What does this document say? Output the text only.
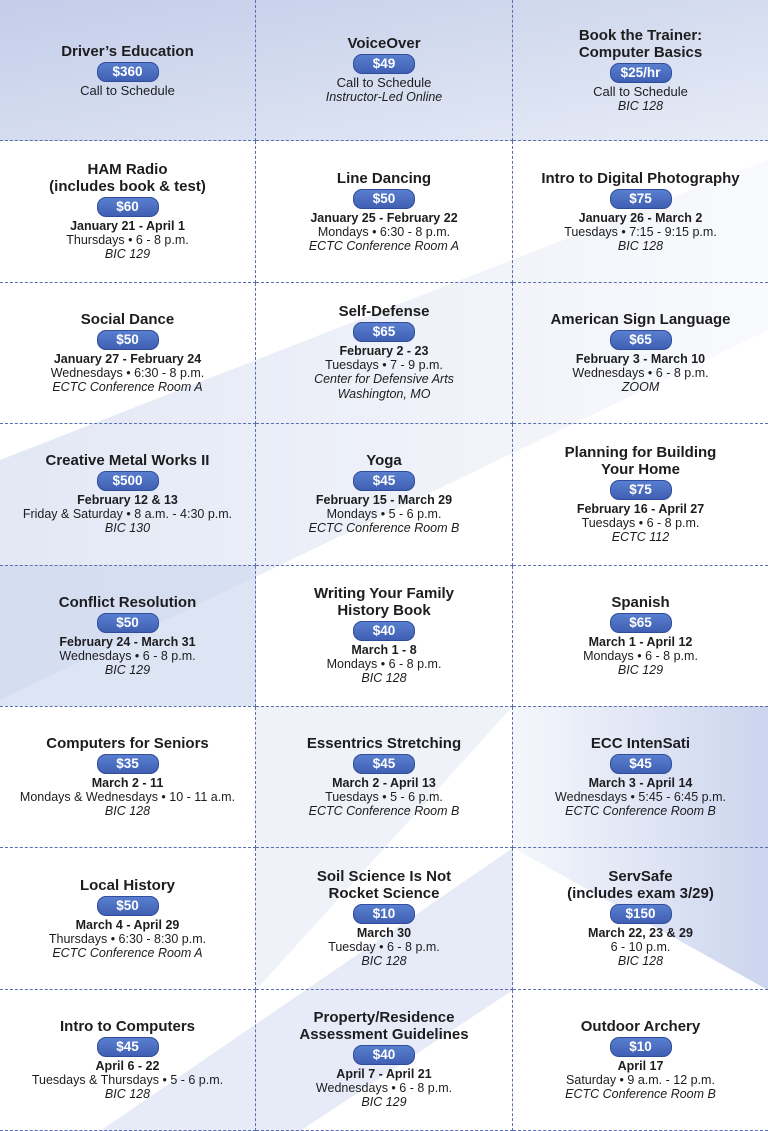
Driver’s Education
$360
Call to Schedule
VoiceOver
$49
Call to Schedule
Instructor-Led Online
Book the Trainer:
Computer Basics
$25/hr
Call to Schedule
BIC 128
HAM Radio
(includes book & test)
$60
January 21 - April 1
Thursdays • 6 - 8 p.m.
BIC 129
Line Dancing
$50
January 25 - February 22
Mondays • 6:30 - 8 p.m.
ECTC Conference Room A
Intro to Digital Photography
$75
January 26 - March 2
Tuesdays • 7:15 - 9:15 p.m.
BIC 128
Social Dance
$50
January 27 - February 24
Wednesdays • 6:30 - 8 p.m.
ECTC Conference Room A
Self-Defense
$65
February 2 - 23
Tuesdays • 7 - 9 p.m.
Center for Defensive Arts
Washington, MO
American Sign Language
$65
February 3 - March 10
Wednesdays • 6 - 8 p.m.
ZOOM
Creative Metal Works II
$500
February 12 & 13
Friday & Saturday • 8 a.m. - 4:30 p.m.
BIC 130
Yoga
$45
February 15 - March 29
Mondays • 5 - 6 p.m.
ECTC Conference Room B
Planning for Building
Your Home
$75
February 16 - April 27
Tuesdays • 6 - 8 p.m.
ECTC 112
Conflict Resolution
$50
February 24 - March 31
Wednesdays • 6 - 8 p.m.
BIC 129
Writing Your Family
History Book
$40
March 1 - 8
Mondays • 6 - 8 p.m.
BIC 128
Spanish
$65
March 1 - April 12
Mondays • 6 - 8 p.m.
BIC 129
Computers for Seniors
$35
March 2 - 11
Mondays & Wednesdays • 10 - 11 a.m.
BIC 128
Essentrics Stretching
$45
March 2 - April 13
Tuesdays • 5 - 6 p.m.
ECTC Conference Room B
ECC IntenSati
$45
March 3 - April 14
Wednesdays • 5:45 - 6:45 p.m.
ECTC Conference Room B
Local History
$50
March 4 - April 29
Thursdays • 6:30 - 8:30 p.m.
ECTC Conference Room A
Soil Science Is Not
Rocket Science
$10
March 30
Tuesday • 6 - 8 p.m.
BIC 128
ServSafe
(includes exam 3/29)
$150
March 22, 23 & 29
6 - 10 p.m.
BIC 128
Intro to Computers
$45
April 6 - 22
Tuesdays & Thursdays • 5 - 6 p.m.
BIC 128
Property/Residence
Assessment Guidelines
$40
April 7 - April 21
Wednesdays • 6 - 8 p.m.
BIC 129
Outdoor Archery
$10
April 17
Saturday • 9 a.m. - 12 p.m.
ECTC Conference Room B
